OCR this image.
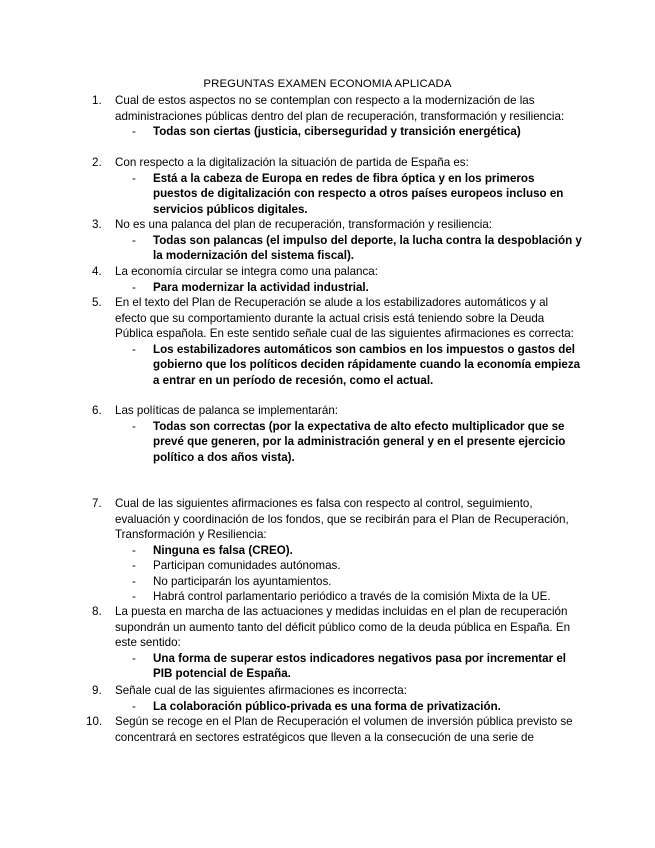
PREGUNTAS EXAMEN ECONOMIA APLICADA
1. Cual de estos aspectos no se contemplan con respecto a la modernización de las administraciones públicas dentro del plan de recuperación, transformación y resiliencia:
- Todas son ciertas (justicia, ciberseguridad y transición energética)
2. Con respecto a la digitalización la situación de partida de España es:
- Está a la cabeza de Europa en redes de fibra óptica y en los primeros puestos de digitalización con respecto a otros países europeos incluso en servicios públicos digitales.
3. No es una palanca del plan de recuperación, transformación y resiliencia:
- Todas son palancas (el impulso del deporte, la lucha contra la despoblación y la modernización del sistema fiscal).
4. La economía circular se integra como una palanca:
- Para modernizar la actividad industrial.
5. En el texto del Plan de Recuperación se alude a los estabilizadores automáticos y al efecto que su comportamiento durante la actual crisis está teniendo sobre la Deuda Pública española. En este sentido señale cual de las siguientes afirmaciones es correcta:
- Los estabilizadores automáticos son cambios en los impuestos o gastos del gobierno que los políticos deciden rápidamente cuando la economía empieza a entrar en un período de recesión, como el actual.
6. Las políticas de palanca se implementarán:
- Todas son correctas (por la expectativa de alto efecto multiplicador que se prevé que generen, por la administración general y en el presente ejercicio político a dos años vista).
7. Cual de las siguientes afirmaciones es falsa con respecto al control, seguimiento, evaluación y coordinación de los fondos, que se recibirán para el Plan de Recuperación, Transformación y Resiliencia:
- Ninguna es falsa (CREO).
- Participan comunidades autónomas.
- No participarán los ayuntamientos.
- Habrá control parlamentario periódico a través de la comisión Mixta de la UE.
8. La puesta en marcha de las actuaciones y medidas incluidas en el plan de recuperación supondrán un aumento tanto del déficit público como de la deuda pública en España. En este sentido:
- Una forma de superar estos indicadores negativos pasa por incrementar el PIB potencial de España.
9. Señale cual de las siguientes afirmaciones es incorrecta:
- La colaboración público-privada es una forma de privatización.
10. Según se recoge en el Plan de Recuperación el volumen de inversión pública previsto se concentrará en sectores estratégicos que lleven a la consecución de una serie de
